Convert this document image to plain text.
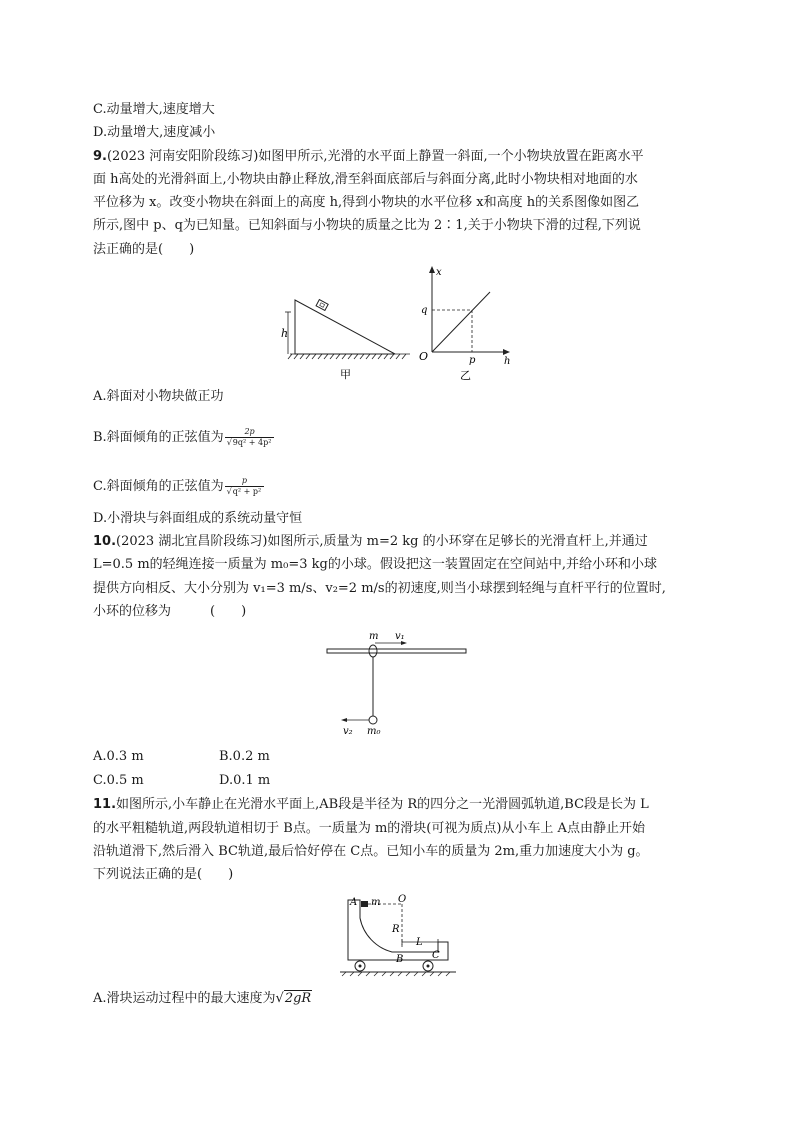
C.动量增大,速度增大
D.动量增大,速度减小
9.(2023 河南安阳阶段练习)如图甲所示,光滑的水平面上静置一斜面,一个小物块放置在距离水平
面 h高处的光滑斜面上,小物块由静止释放,滑至斜面底部后与斜面分离,此时小物块相对地面的水
平位移为 x。改变小物块在斜面上的高度 h,得到小物块的水平位移 x和高度 h的关系图像如图乙
所示,图中 p、q为已知量。已知斜面与小物块的质量之比为 2∶1,关于小物块下滑的过程,下列说
法正确的是(　　)
h
甲
x
q
O	p	h
乙
A.斜面对小物块做正功
B.斜面倾角的正弦值为 $\frac{2p}{\text{√9q² + 4p²}}$
C.斜面倾角的正弦值为 $\frac{p}{\text{√q² + p²}}$
D.小滑块与斜面组成的系统动量守恒
10.(2023 湖北宜昌阶段练习)如图所示,质量为 m=2 kg 的小环穿在足够长的光滑直杆上,并通过
L=0.5 m的轻绳连接一质量为 m₀=3 kg的小球。假设把这一装置固定在空间站中,并给小环和小球
提供方向相反、大小分别为 v₁=3 m/s、v₂=2 m/s的初速度,则当小球摆到轻绳与直杆平行的位置时,
小环的位移为　　　(　　)
m v₁
v₂ m₀
A.0.3 m	B.0.2 m
C.0.5 m	D.0.1 m
11.如图所示,小车静止在光滑水平面上,AB段是半径为 R的四分之一光滑圆弧轨道,BC段是长为 L
的水平粗糙轨道,两段轨道相切于 B点。一质量为 m的滑块(可视为质点)从小车上 A点由静止开始
沿轨道滑下,然后滑入 BC轨道,最后恰好停在 C点。已知小车的质量为 2m,重力加速度大小为 g。
下列说法正确的是(　　)
A m O
R
L
B	C
A.滑块运动过程中的最大速度为√2gR
